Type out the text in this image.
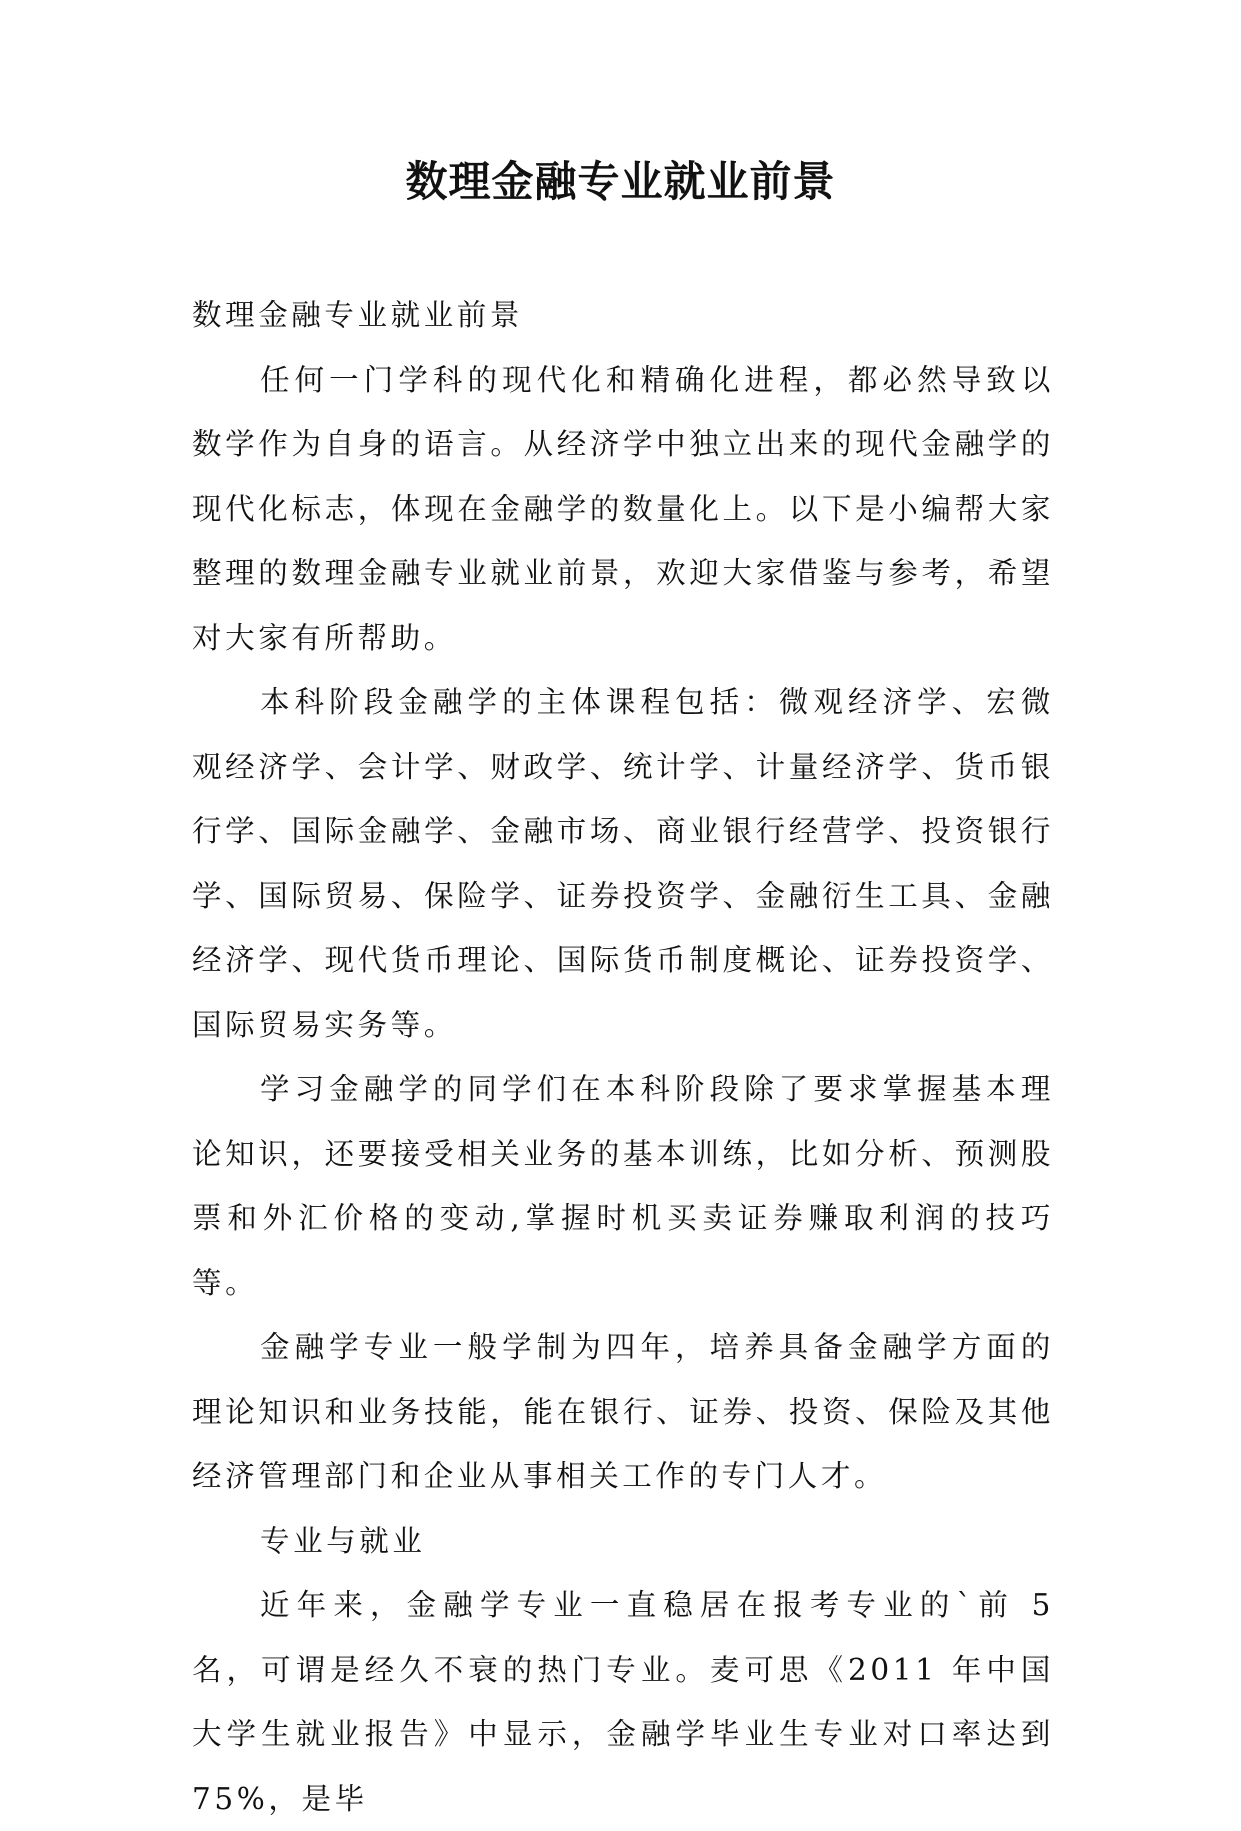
数理金融专业就业前景

数理金融专业就业前景

任何一门学科的现代化和精确化进程，都必然导致以数学作为自身的语言。从经济学中独立出来的现代金融学的现代化标志，体现在金融学的数量化上。以下是小编帮大家整理的数理金融专业就业前景，欢迎大家借鉴与参考，希望对大家有所帮助。

本科阶段金融学的主体课程包括：微观经济学、宏微观经济学、会计学、财政学、统计学、计量经济学、货币银行学、国际金融学、金融市场、商业银行经营学、投资银行学、国际贸易、保险学、证券投资学、金融衍生工具、金融经济学、现代货币理论、国际货币制度概论、证券投资学、国际贸易实务等。

学习金融学的同学们在本科阶段除了要求掌握基本理论知识，还要接受相关业务的基本训练，比如分析、预测股票和外汇价格的变动,掌握时机买卖证券赚取利润的技巧等。

金融学专业一般学制为四年，培养具备金融学方面的理论知识和业务技能，能在银行、证券、投资、保险及其他经济管理部门和企业从事相关工作的专门人才。

专业与就业

近年来，金融学专业一直稳居在报考专业的`前 5 名，可谓是经久不衰的热门专业。麦可思《2011 年中国大学生就业报告》中显示，金融学毕业生专业对口率达到 75%，是毕
